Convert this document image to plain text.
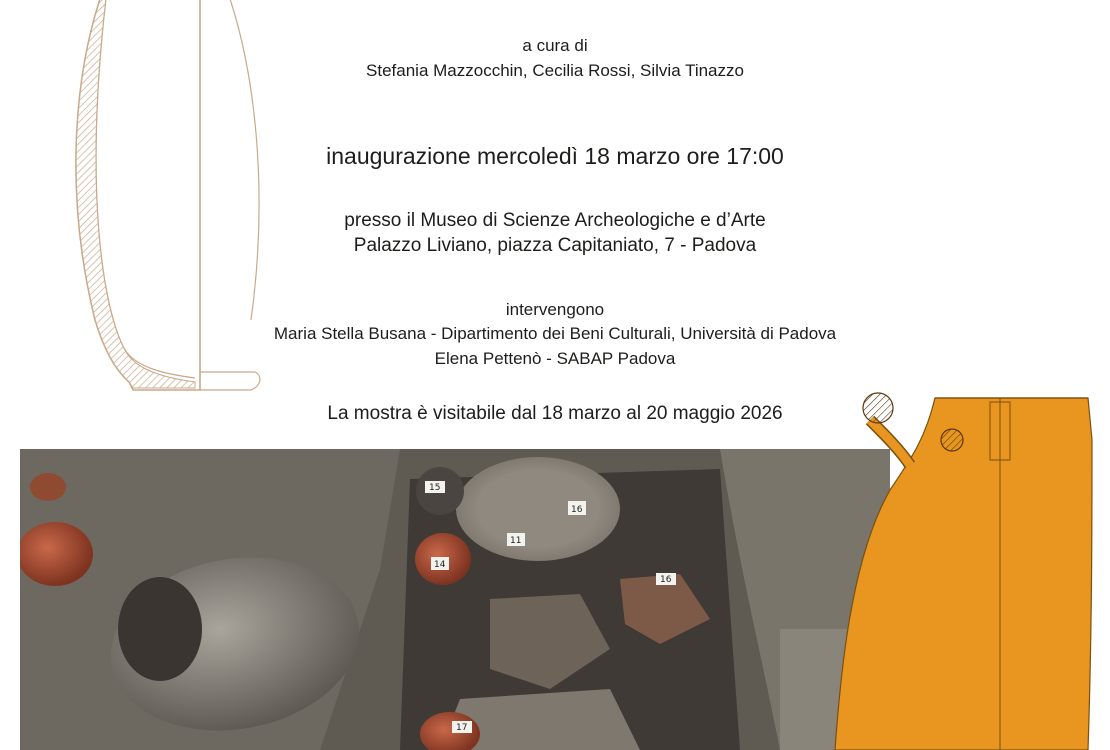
a cura di
Stefania Mazzocchin, Cecilia Rossi, Silvia Tinazzo
inaugurazione mercoledì 18 marzo ore 17:00
presso il Museo di Scienze Archeologiche e d’Arte
Palazzo Liviano, piazza Capitaniato, 7 - Padova
intervengono
Maria Stella Busana - Dipartimento dei Beni Culturali, Università di Padova
Elena Pettenò - SABAP Padova
La mostra è visitabile dal 18 marzo al 20 maggio 2026
15
11
14
16
16
17
